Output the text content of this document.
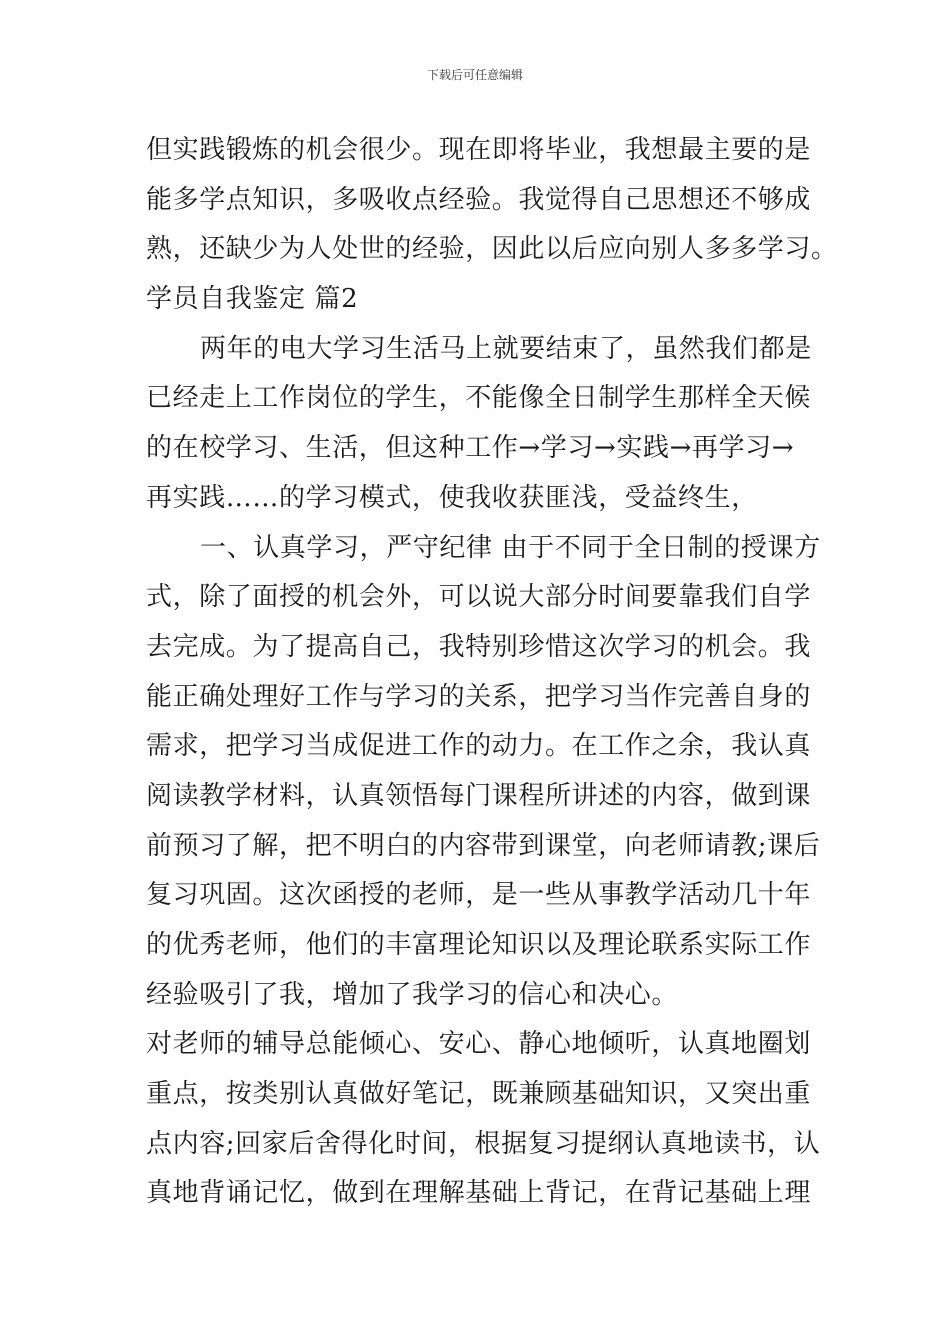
下载后可任意编辑
但实践锻炼的机会很少。现在即将毕业，我想最主要的是
能多学点知识，多吸收点经验。我觉得自己思想还不够成
熟，还缺少为人处世的经验，因此以后应向别人多多学习。
学员自我鉴定 篇2
两年的电大学习生活马上就要结束了，虽然我们都是
已经走上工作岗位的学生，不能像全日制学生那样全天候
的在校学习、生活，但这种工作→学习→实践→再学习→
再实践……的学习模式，使我收获匪浅，受益终生，
一、认真学习，严守纪律 由于不同于全日制的授课方
式，除了面授的机会外，可以说大部分时间要靠我们自学
去完成。为了提高自己，我特别珍惜这次学习的机会。我
能正确处理好工作与学习的关系，把学习当作完善自身的
需求，把学习当成促进工作的动力。在工作之余，我认真
阅读教学材料，认真领悟每门课程所讲述的内容，做到课
前预习了解，把不明白的内容带到课堂，向老师请教;课后
复习巩固。这次函授的老师，是一些从事教学活动几十年
的优秀老师，他们的丰富理论知识以及理论联系实际工作
经验吸引了我，增加了我学习的信心和决心。
对老师的辅导总能倾心、安心、静心地倾听，认真地圈划
重点，按类别认真做好笔记，既兼顾基础知识，又突出重
点内容;回家后舍得化时间，根据复习提纲认真地读书，认
真地背诵记忆，做到在理解基础上背记，在背记基础上理
